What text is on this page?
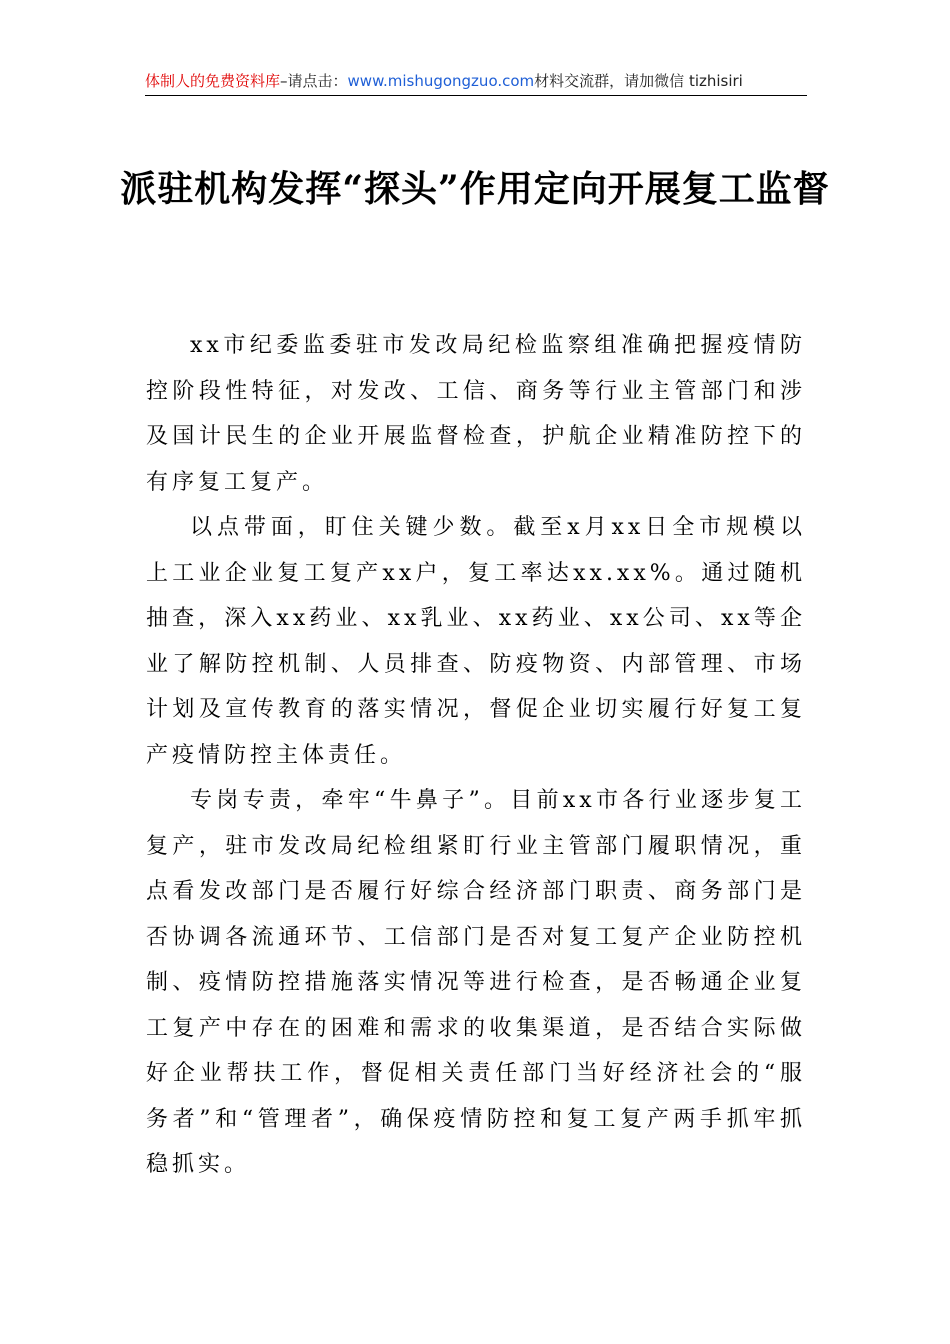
体制人的免费资料库–请点击：www.mishugongzuo.com材料交流群，请加微信 tizhisiri
派驻机构发挥“探头”作用定向开展复工监督

xx市纪委监委驻市发改局纪检监察组准确把握疫情防控阶段性特征，对发改、工信、商务等行业主管部门和涉及国计民生的企业开展监督检查，护航企业精准防控下的有序复工复产。

以点带面，盯住关键少数。截至x月xx日全市规模以上工业企业复工复产xx户，复工率达xx.xx%。通过随机抽查，深入xx药业、xx乳业、xx药业、xx公司、xx等企业了解防控机制、人员排查、防疫物资、内部管理、市场计划及宣传教育的落实情况，督促企业切实履行好复工复产疫情防控主体责任。

专岗专责，牵牢“牛鼻子”。目前xx市各行业逐步复工复产，驻市发改局纪检组紧盯行业主管部门履职情况，重点看发改部门是否履行好综合经济部门职责、商务部门是否协调各流通环节、工信部门是否对复工复产企业防控机制、疫情防控措施落实情况等进行检查，是否畅通企业复工复产中存在的困难和需求的收集渠道，是否结合实际做好企业帮扶工作，督促相关责任部门当好经济社会的“服务者”和“管理者”，确保疫情防控和复工复产两手抓牢抓稳抓实。
